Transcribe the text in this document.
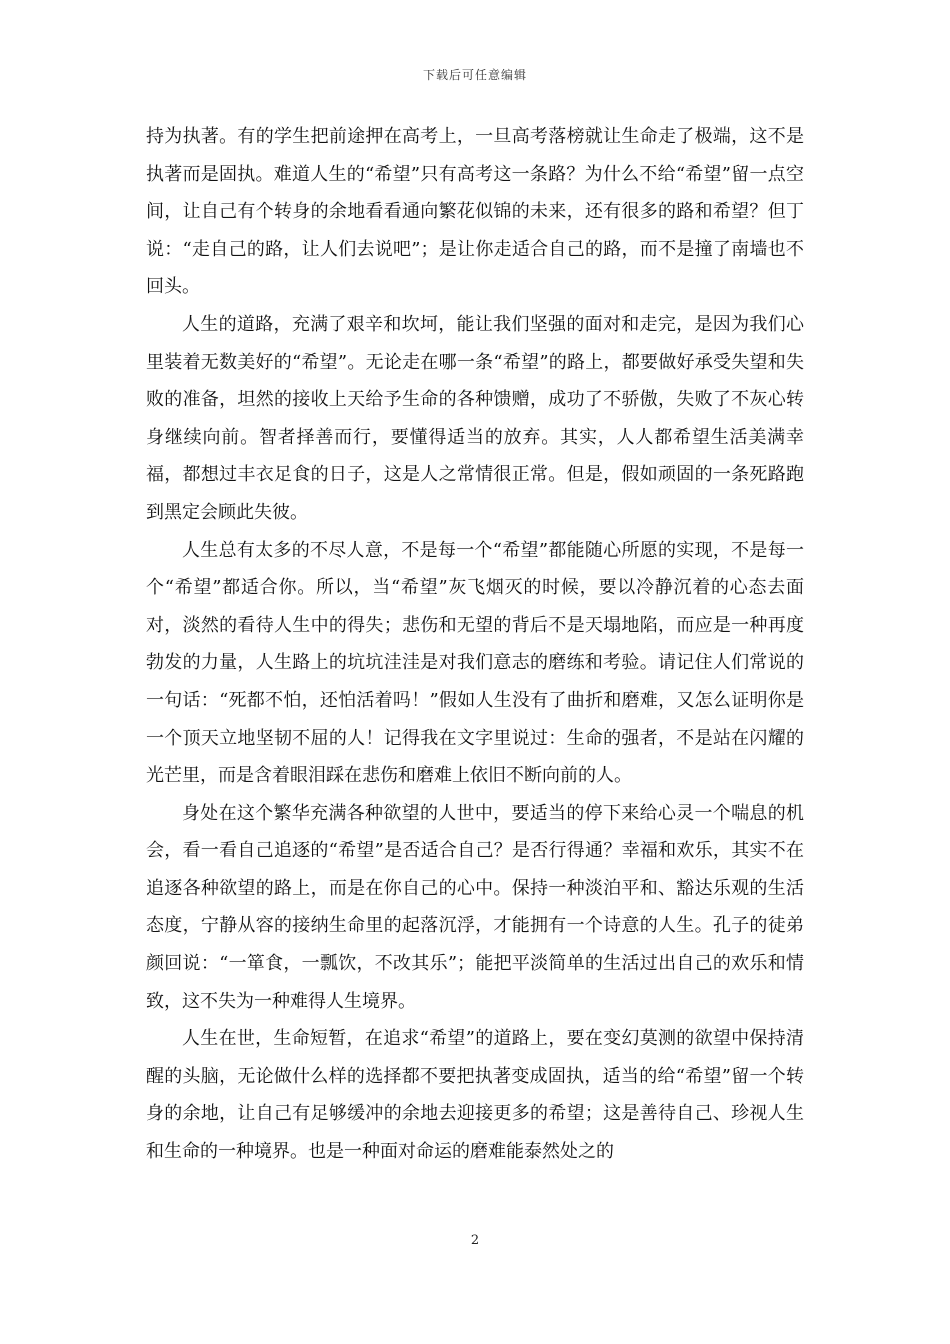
下载后可任意编辑

持为执著。有的学生把前途押在高考上，一旦高考落榜就让生命走了极端，这不是执著而是固执。难道人生的“希望”只有高考这一条路？为什么不给“希望”留一点空间，让自己有个转身的余地看看通向繁花似锦的未来，还有很多的路和希望？但丁说：“走自己的路，让人们去说吧”；是让你走适合自己的路，而不是撞了南墙也不回头。

人生的道路，充满了艰辛和坎坷，能让我们坚强的面对和走完，是因为我们心里装着无数美好的“希望”。无论走在哪一条“希望”的路上，都要做好承受失望和失败的准备，坦然的接收上天给予生命的各种馈赠，成功了不骄傲，失败了不灰心转身继续向前。智者择善而行，要懂得适当的放弃。其实，人人都希望生活美满幸福，都想过丰衣足食的日子，这是人之常情很正常。但是，假如顽固的一条死路跑到黑定会顾此失彼。

人生总有太多的不尽人意，不是每一个“希望”都能随心所愿的实现，不是每一个“希望”都适合你。所以，当“希望”灰飞烟灭的时候，要以冷静沉着的心态去面对，淡然的看待人生中的得失；悲伤和无望的背后不是天塌地陷，而应是一种再度勃发的力量，人生路上的坑坑洼洼是对我们意志的磨练和考验。请记住人们常说的一句话：“死都不怕，还怕活着吗！”假如人生没有了曲折和磨难，又怎么证明你是一个顶天立地坚韧不屈的人！记得我在文字里说过：生命的强者，不是站在闪耀的光芒里，而是含着眼泪踩在悲伤和磨难上依旧不断向前的人。

身处在这个繁华充满各种欲望的人世中，要适当的停下来给心灵一个喘息的机会，看一看自己追逐的“希望”是否适合自己？是否行得通？幸福和欢乐，其实不在追逐各种欲望的路上，而是在你自己的心中。保持一种淡泊平和、豁达乐观的生活态度，宁静从容的接纳生命里的起落沉浮，才能拥有一个诗意的人生。孔子的徒弟颜回说：“一箪食，一瓢饮，不改其乐”；能把平淡简单的生活过出自己的欢乐和情致，这不失为一种难得人生境界。

人生在世，生命短暂，在追求“希望”的道路上，要在变幻莫测的欲望中保持清醒的头脑，无论做什么样的选择都不要把执著变成固执，适当的给“希望”留一个转身的余地，让自己有足够缓冲的余地去迎接更多的希望；这是善待自己、珍视人生和生命的一种境界。也是一种面对命运的磨难能泰然处之的

2
